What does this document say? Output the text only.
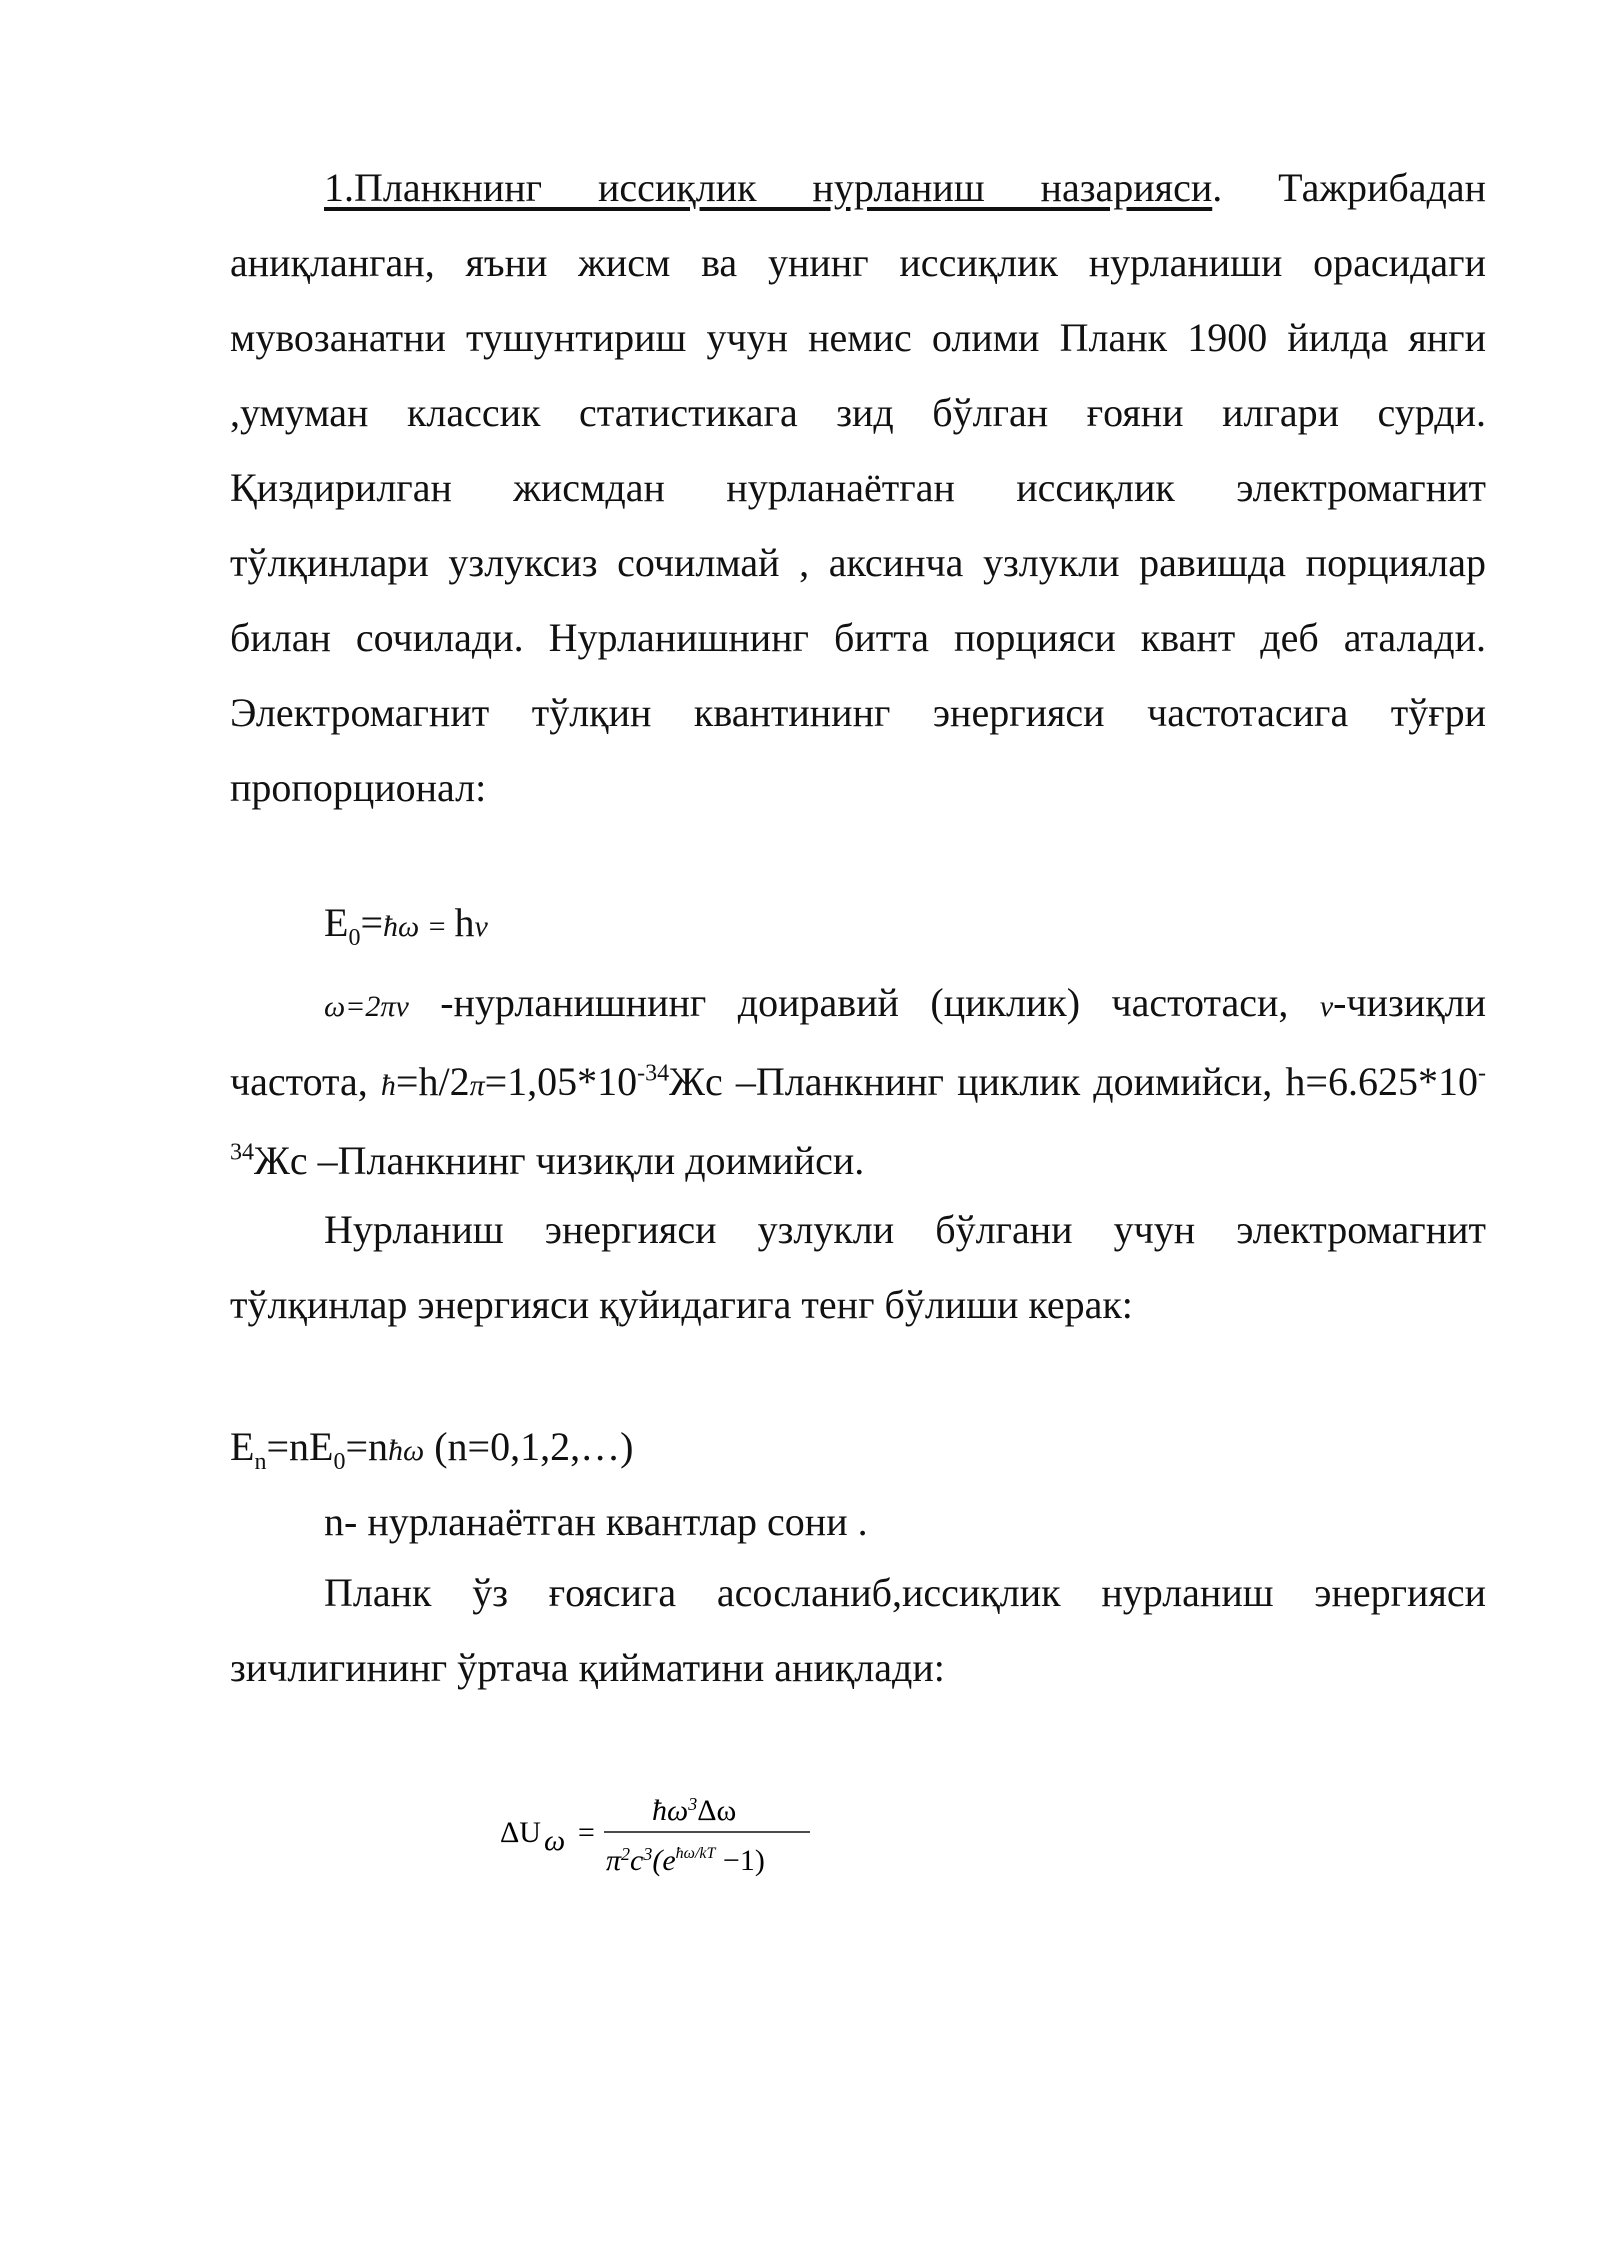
1.Планкнинг иссиқлик нурланиш назарияси. Тажрибадан аниқланган, яъни жисм ва унинг иссиқлик нурланиши орасидаги мувозанатни тушунтириш учун немис олими Планк 1900 йилда янги ,умуман классик статистикага зид бўлган ғояни илгари сурди. Қиздирилган жисмдан нурланаётган иссиқлик электромагнит тўлқинлари узлуксиз сочилмай , аксинча узлукли равишда порциялар билан сочилади. Нурланишнинг битта порцияси квант деб аталади. Электромагнит тўлқин квантининг энергияси частотасига тўғри пропорционал:

$E_0=ħ\omega = h\nu$

ω=2πν -нурланишнинг доиравий (циклик) частотаси, ν-чизиқли частота, $ħ=h/2\pi=1,05*10^{-34}Жс$ –Планкнинг циклик доимийси, $h=6.625*10^{-34}Жс$ –Планкнинг чизиқли доимийси.

Нурланиш энергияси узлукли бўлгани учун электромагнит тўлқинлар энергияси қуйидагига тенг бўлиши керак:

$E_n=nE_0=nħ\omega$ (n=0,1,2,…)
n- нурланаётган квантлар сони .

Планк ўз ғоясига асосланиб,иссиқлик нурланиш энергияси зичлигининг ўртача қийматини аниқлади:

ΔU ω =
$ħ\omega^3\Delta\omega$
$\pi^2c^3(e^{ħ\omega/kT} -1)$
